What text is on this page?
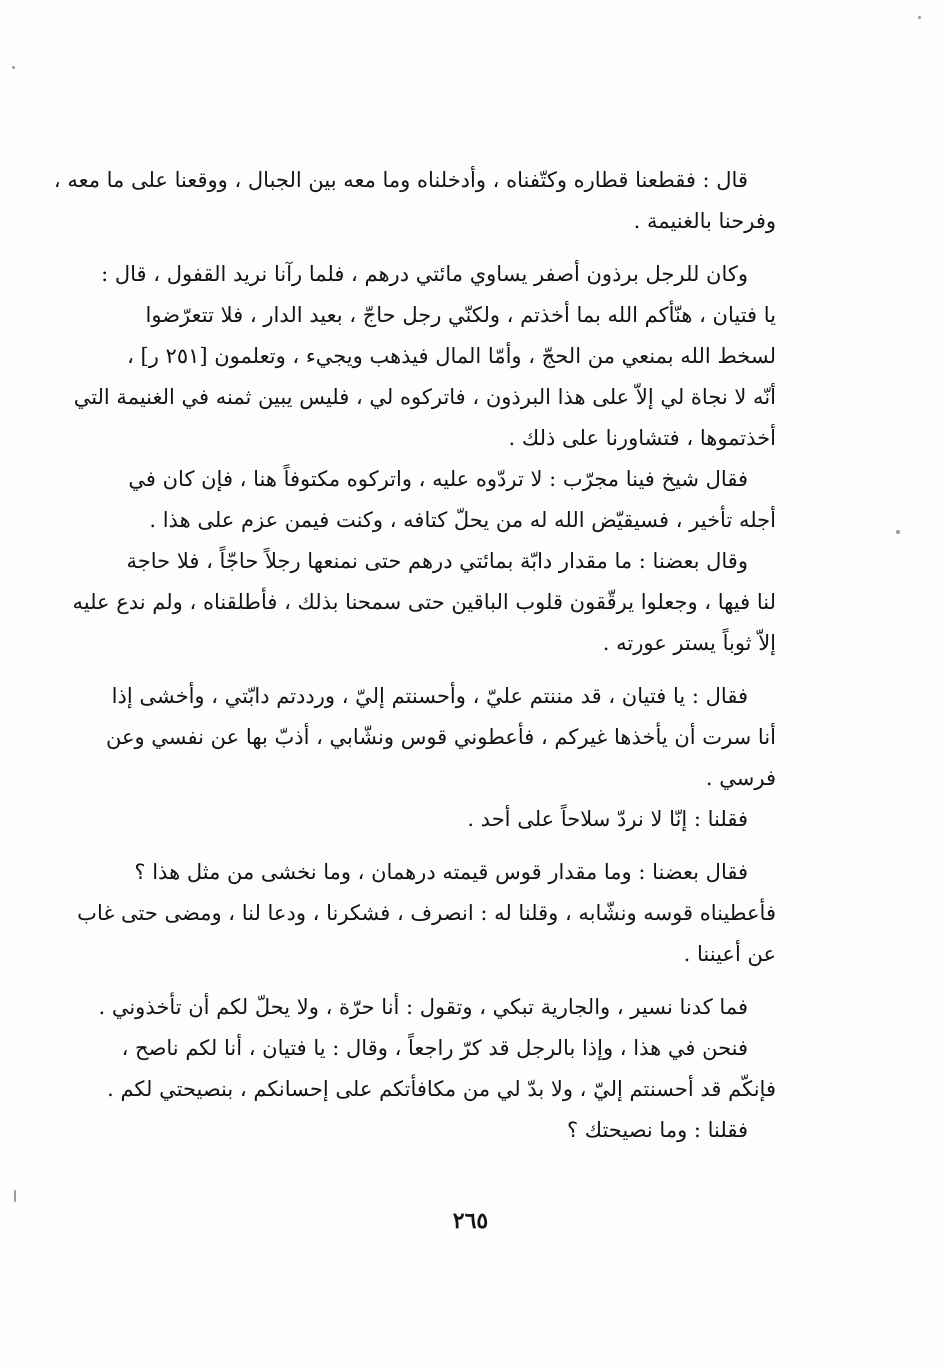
قال : فقطعنا قطاره وكتّفناه ، وأدخلناه وما معه بين الجبال ، ووقعنا على ما معه ،
وفرحنا بالغنيمة .
وكان للرجل برذون أصفر يساوي مائتي درهم ، فلما رآنا نريد القفول ، قال :
يا فتيان ، هنّأكم الله بما أخذتم ، ولكنّي رجل حاجّ ، بعيد الدار ، فلا تتعرّضوا
لسخط الله بمنعي من الحجّ ، وأمّا المال فيذهب ويجيء ، وتعلمون [٢٥١ ر] ،
أنّه لا نجاة لي إلاّ على هذا البرذون ، فاتركوه لي ، فليس يبين ثمنه في الغنيمة التي
أخذتموها ، فتشاورنا على ذلك .
فقال شيخ فينا مجرّب : لا تردّوه عليه ، واتركوه مكتوفاً هنا ، فإن كان في
أجله تأخير ، فسيقيّض الله له من يحلّ كتافه ، وكنت فيمن عزم على هذا .
وقال بعضنا : ما مقدار دابّة بمائتي درهم حتى نمنعها رجلاً حاجّاً ، فلا حاجة
لنا فيها ، وجعلوا يرقّقون قلوب الباقين حتى سمحنا بذلك ، فأطلقناه ، ولم ندع عليه
إلاّ ثوباً يستر عورته .
فقال : يا فتيان ، قد مننتم عليّ ، وأحسنتم إليّ ، ورددتم دابّتي ، وأخشى إذا
أنا سرت أن يأخذها غيركم ، فأعطوني قوس ونشّابي ، أذبّ بها عن نفسي وعن
فرسي .
فقلنا : إنّا لا نردّ سلاحاً على أحد .
فقال بعضنا : وما مقدار قوس قيمته درهمان ، وما نخشى من مثل هذا ؟
فأعطيناه قوسه ونشّابه ، وقلنا له : انصرف ، فشكرنا ، ودعا لنا ، ومضى حتى غاب
عن أعيننا .
فما كدنا نسير ، والجارية تبكي ، وتقول : أنا حرّة ، ولا يحلّ لكم أن تأخذوني .
فنحن في هذا ، وإذا بالرجل قد كرّ راجعاً ، وقال : يا فتيان ، أنا لكم ناصح ،
فإنكّم قد أحسنتم إليّ ، ولا بدّ لي من مكافأتكم على إحسانكم ، بنصيحتي لكم .
فقلنا : وما نصيحتك ؟
٢٦٥
